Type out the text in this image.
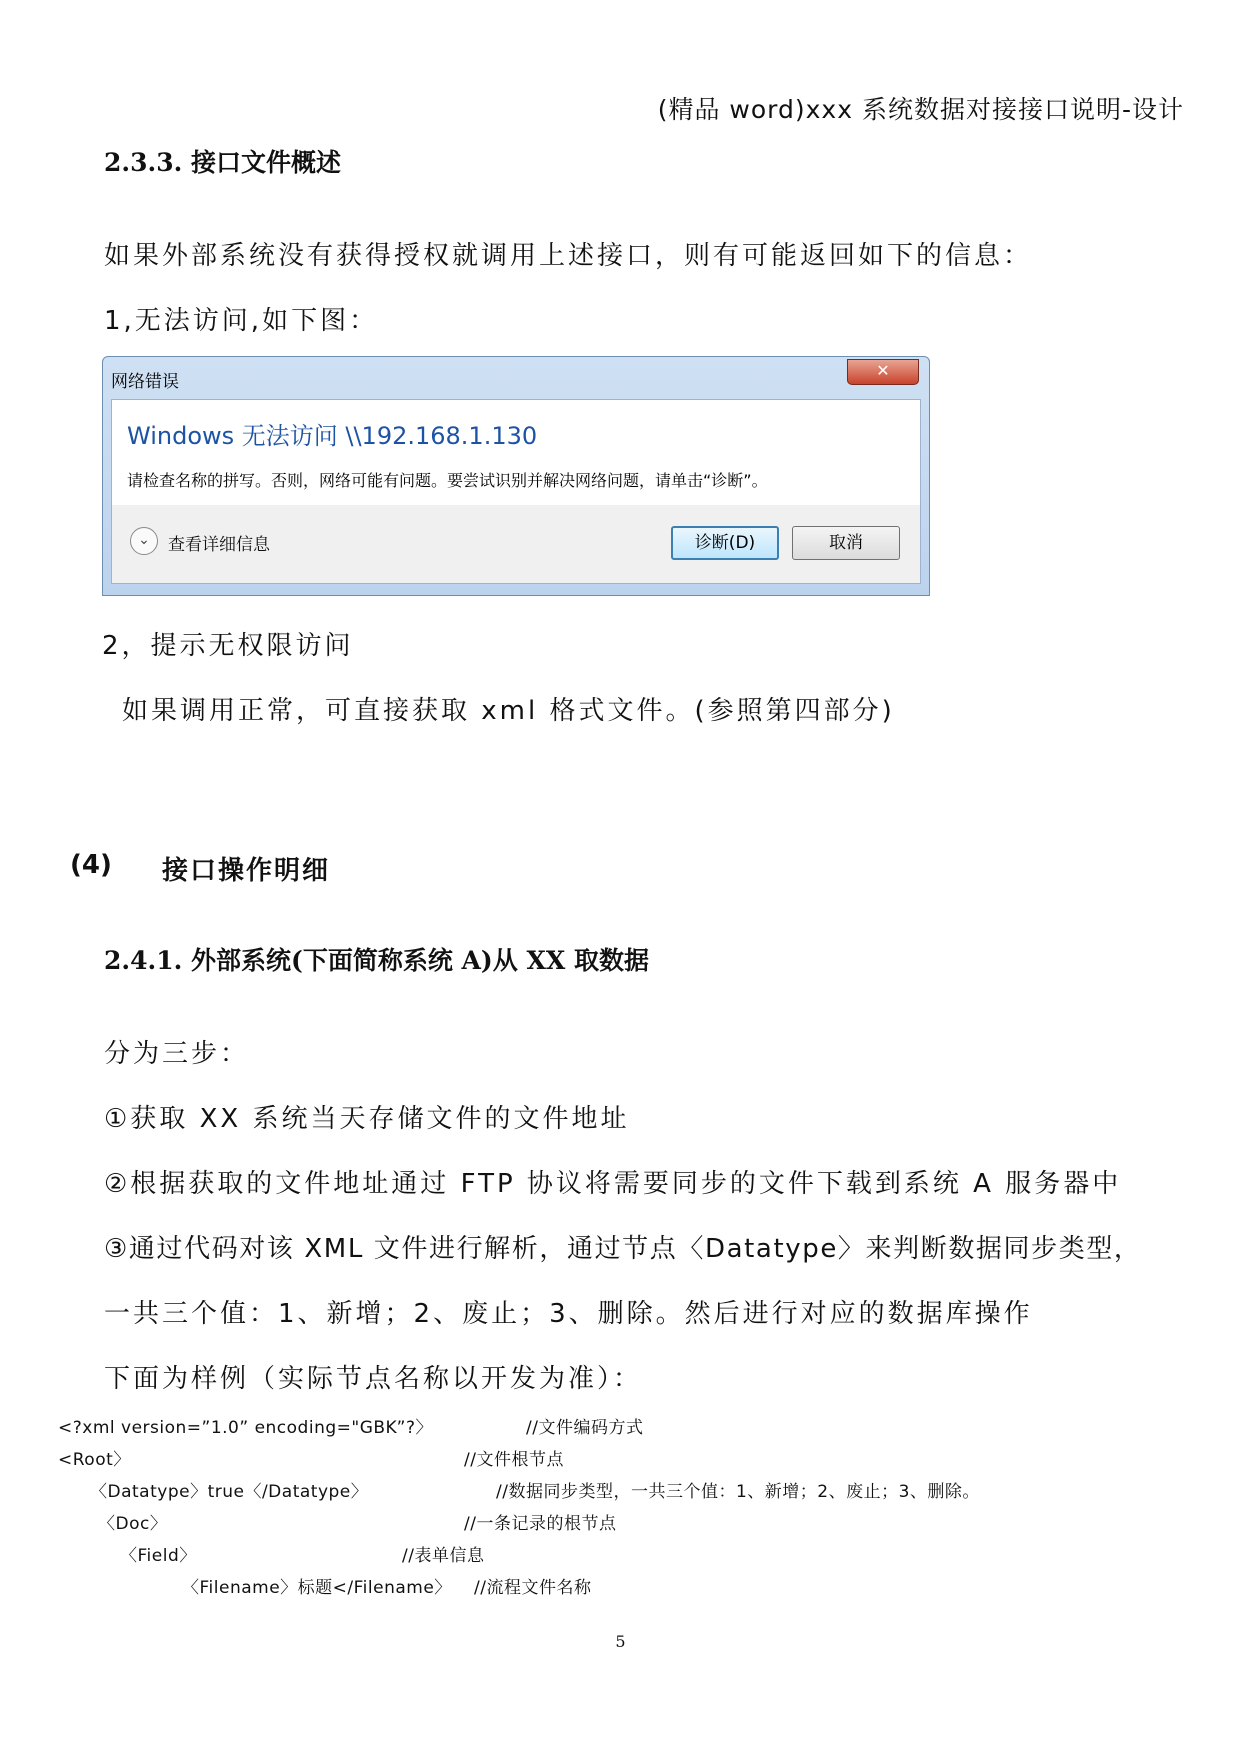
(精品 word)xxx 系统数据对接接口说明-设计
2.3.3. 接口文件概述
如果外部系统没有获得授权就调用上述接口，则有可能返回如下的信息：
1,无法访问,如下图：
网络错误
✕
Windows 无法访问 \\192.168.1.130
请检查名称的拼写。否则，网络可能有问题。要尝试识别并解决网络问题，请单击“诊断”。
⌄	查看详细信息	诊断(D)	取消
2，提示无权限访问
如果调用正常，可直接获取 xml 格式文件。(参照第四部分)
(4) 接口操作明细
2.4.1. 外部系统(下面简称系统 A)从 XX 取数据
分为三步：
①获取 XX 系统当天存储文件的文件地址
②根据获取的文件地址通过 FTP 协议将需要同步的文件下载到系统 A 服务器中
③通过代码对该 XML 文件进行解析，通过节点〈Datatype〉来判断数据同步类型，
一共三个值：1、新增；2、废止；3、删除。然后进行对应的数据库操作
下面为样例（实际节点名称以开发为准）：
<?xml version=”1.0” encoding="GBK”?〉	//文件编码方式
<Root〉	//文件根节点
〈Datatype〉true〈/Datatype〉	//数据同步类型，一共三个值：1、新增；2、废止；3、删除。
〈Doc〉	//一条记录的根节点
〈Field〉	//表单信息
〈Filename〉标题</Filename〉 //流程文件名称
5
